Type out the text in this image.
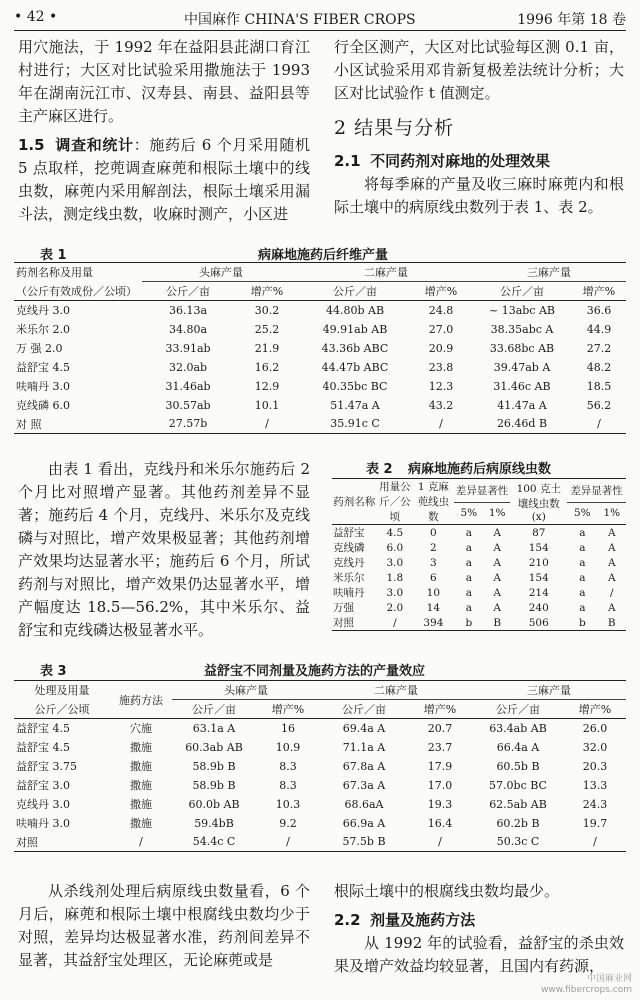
• 42 •	中国麻作 CHINA'S FIBER CROPS	1996 年第 18 卷

用穴施法，于 1992 年在益阳县茈湖口育江村进行；大区对比试验采用撒施法于 1993 年在湖南沅江市、汉寿县、南县、益阳县等主产麻区进行。

1.5 调查和统计：施药后 6 个月采用随机 5 点取样，挖蔸调查麻蔸和根际土壤中的线虫数，麻蔸内采用解剖法，根际土壤采用漏斗法，测定线虫数，收麻时测产，小区进

行全区测产，大区对比试验每区测 0.1 亩，小区试验采用邓肯新复极差法统计分析；大区对比试验作 t 值测定。

2 结果与分析

2.1 不同药剂对麻地的处理效果

将每季麻的产量及收三麻时麻蔸内和根际土壤中的病原线虫数列于表 1、表 2。

表 1	病麻地施药后纤维产量
药剂名称及用量	头麻产量		二麻产量		三麻产量	
（公斤有效成份／公顷）	公斤／亩	增产%	公斤／亩	增产%	公斤／亩	增产%
克线丹 3.0	36.13a	30.2	44.80b AB	24.8	~ 13abc AB	36.6
米乐尔 2.0	34.80a	25.2	49.91ab AB	27.0	38.35abc A	44.9
万 强 2.0	33.91ab	21.9	43.36b ABC	20.9	33.68bc AB	27.2
益舒宝 4.5	32.0ab	16.2	44.47b ABC	23.8	39.47ab A	48.2
呋喃丹 3.0	31.46ab	12.9	40.35bc BC	12.3	31.46c AB	18.5
克线磷 6.0	30.57ab	10.1	51.47a A	43.2	41.47a A	56.2
对 照	27.57b	/	35.91c C	/	26.46d B	/

由表 1 看出，克线丹和米乐尔施药后 2 个月比对照增产显著。其他药剂差异不显著；施药后 4 个月，克线丹、米乐尔及克线磷与对照比，增产效果极显著；其他药剂增产效果均达显著水平；施药后 6 个月，所试药剂与对照比，增产效果仍达显著水平，增产幅度达 18.5—56.2%，其中米乐尔、益舒宝和克线磷达极显著水平。

表 2 病麻地施药后病原线虫数
药剂名称	用量公斤／公顷	1 克麻蔸线虫数	差异显著性		100 克土壤线虫数(x)	差异显著性	
			5%	1%		5%	1%
益舒宝	4.5	0	a	A	87	a	A
克线磷	6.0	2	a	A	154	a	A
克线丹	3.0	3	a	A	210	a	A
米乐尔	1.8	6	a	A	154	a	A
呋喃丹	3.0	10	a	A	214	a	/
万强	2.0	14	a	A	240	a	A
对照	/	394	b	B	506	b	B
表 3	益舒宝不同剂量及施药方法的产量效应
处理及用量	施药方法	头麻产量		二麻产量		三麻产量	
公斤／公顷		公斤／亩	增产%	公斤／亩	增产%	公斤／亩	增产%
益舒宝 4.5	穴施	63.1a A	16	69.4a A	20.7	63.4ab AB	26.0
益舒宝 4.5	撒施	60.3ab AB	10.9	71.1a A	23.7	66.4a A	32.0
益舒宝 3.75	撒施	58.9b B	8.3	67.8a A	17.9	60.5b B	20.3
益舒宝 3.0	撒施	58.9b B	8.3	67.3a A	17.0	57.0bc BC	13.3
克线丹 3.0	撒施	60.0b AB	10.3	68.6aA	19.3	62.5ab AB	24.3
呋喃丹 3.0	撒施	59.4bB	9.2	66.9a A	16.4	60.2b B	19.7
对照	/	54.4c C	/	57.5b B	/	50.3c C	/

从杀线剂处理后病原线虫数量看，6 个月后，麻蔸和根际土壤中根腐线虫数均少于对照，差异均达极显著水准，药剂间差异不显著，其益舒宝处理区，无论麻蔸或是

根际土壤中的根腐线虫数均最少。

2.2 剂量及施药方法

从 1992 年的试验看，益舒宝的杀虫效果及增产效益均较显著，且国内有药源，

中国麻业网
www.fibercrops.com
